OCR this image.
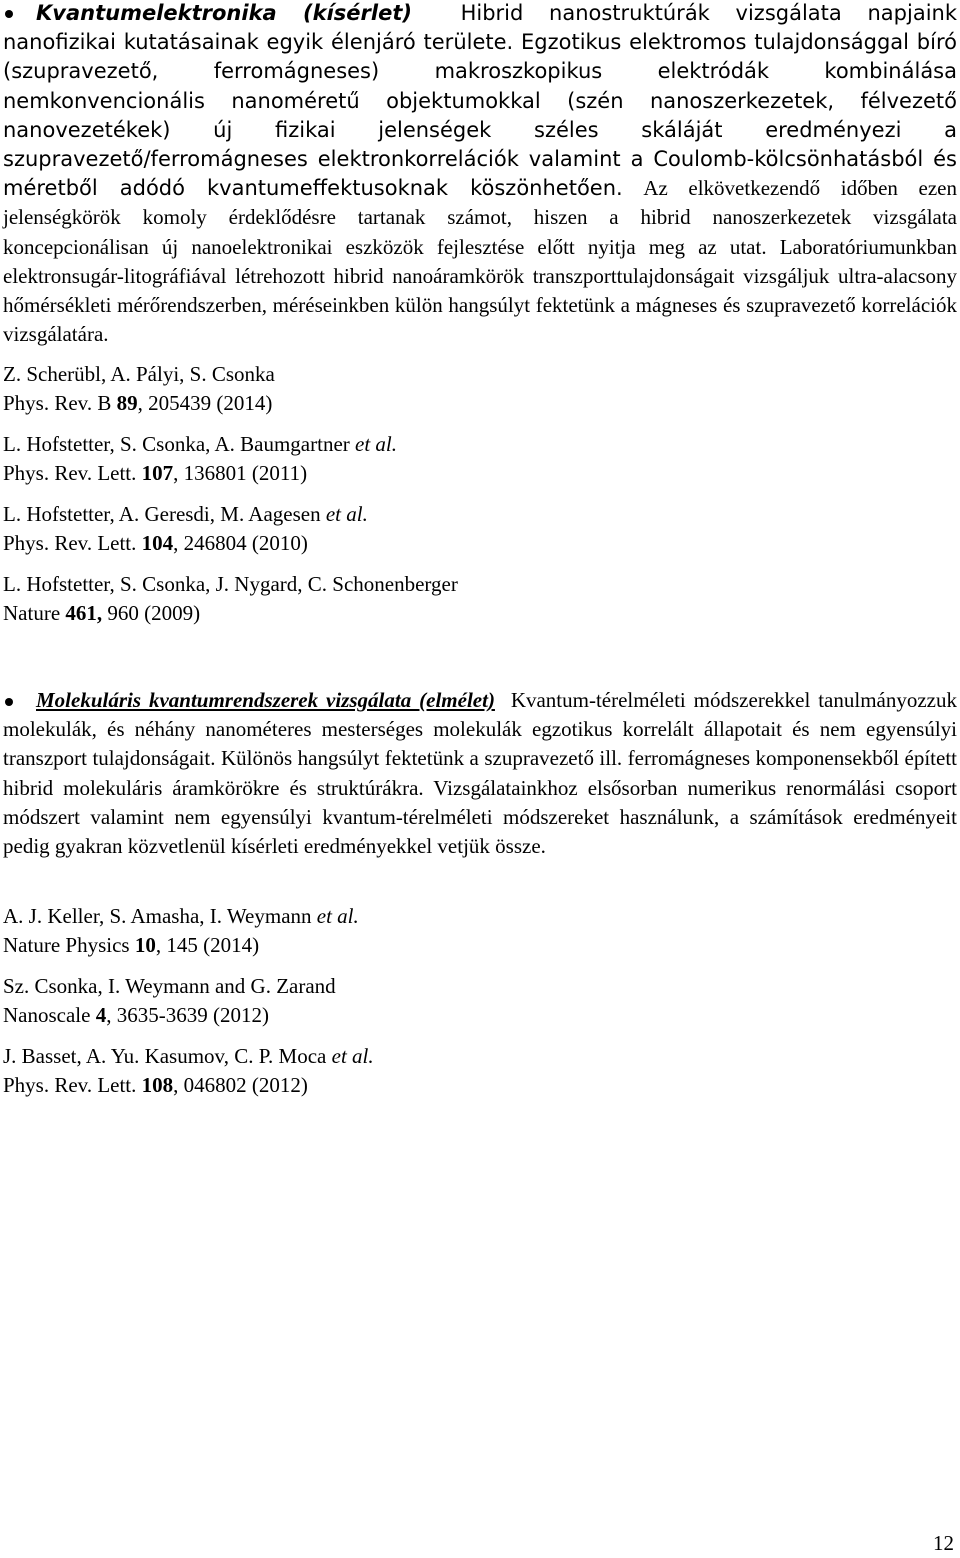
Kvantumelektronika (kísérlet) Hibrid nanostruktúrák vizsgálata napjaink nanofizikai kutatásainak egyik élenjáró területe. Egzotikus elektromos tulajdonsággal bíró (szupravezető, ferromágneses) makroszkopikus elektródák kombinálása nemkonvencionális nanoméretű objektumokkal (szén nanoszerkezetek, félvezető nanovezetékek) új fizikai jelenségek széles skáláját eredményezi a szupravezető/ferromágneses elektronkorrelációk valamint a Coulomb-kölcsönhatásból és méretből adódó kvantumeffektusoknak köszönhetően. Az elkövetkezendő időben ezen jelenségkörök komoly érdeklődésre tartanak számot, hiszen a hibrid nanoszerkezetek vizsgálata koncepcionálisan új nanoelektronikai eszközök fejlesztése előtt nyitja meg az utat. Laboratóriumunkban elektronsugár-litográfiával létrehozott hibrid nanoáramkörök transzporttulajdonságait vizsgáljuk ultra-alacsony hőmérsékleti mérőrendszerben, méréseinkben külön hangsúlyt fektetünk a mágneses és szupravezető korrelációk vizsgálatára.

Z. Scherübl, A. Pályi, S. Csonka
Phys. Rev. B 89, 205439 (2014)
L. Hofstetter, S. Csonka, A. Baumgartner et al.
Phys. Rev. Lett. 107, 136801 (2011)
L. Hofstetter, A. Geresdi, M. Aagesen et al.
Phys. Rev. Lett. 104, 246804 (2010)
L. Hofstetter, S. Csonka, J. Nygard, C. Schonenberger
Nature 461, 960 (2009)

Molekuláris kvantumrendszerek vizsgálata (elmélet) Kvantum-térelméleti módszerekkel tanulmányozzuk molekulák, és néhány nanométeres mesterséges molekulák egzotikus korrelált állapotait és nem egyensúlyi transzport tulajdonságait. Különös hangsúlyt fektetünk a szupravezető ill. ferromágneses komponensekből épített hibrid molekuláris áramkörökre és struktúrákra. Vizsgálatainkhoz elsősorban numerikus renormálási csoport módszert valamint nem egyensúlyi kvantum-térelméleti módszereket használunk, a számítások eredményeit pedig gyakran közvetlenül kísérleti eredményekkel vetjük össze.

A. J. Keller, S. Amasha, I. Weymann et al.
Nature Physics 10, 145 (2014)
Sz. Csonka, I. Weymann and G. Zarand
Nanoscale 4, 3635-3639 (2012)
J. Basset, A. Yu. Kasumov, C. P. Moca et al.
Phys. Rev. Lett. 108, 046802 (2012)
12
